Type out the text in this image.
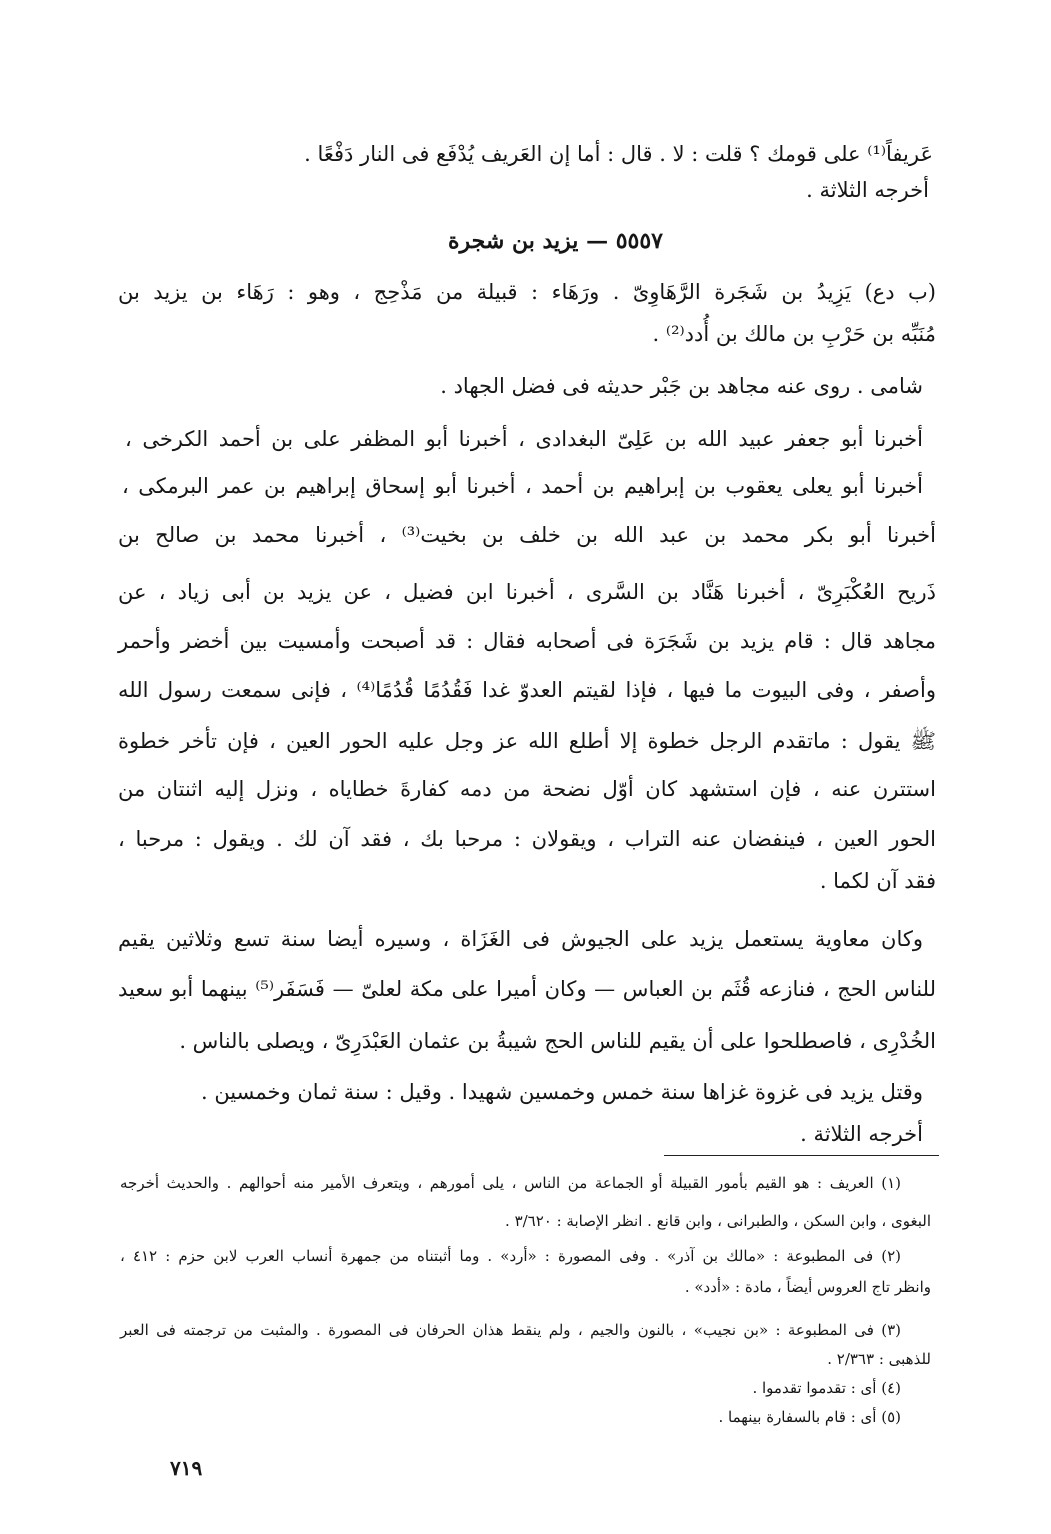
عَريفاً⁽¹⁾ على قومك ؟ قلت : لا . قال : أما إن العَريف يُدْفَع فى النار دَفْعًا .
أخرجه الثلاثة .
٥٥٥٧ — يزيد بن شجرة
(ب دع) يَزِيدُ بن شَجَرة الرَّهَاوِىّ . ورَهَاء : قبيلة من مَذْحِج ، وهو : رَهَاء بن يزيد بن
مُنَبِّه بن حَرْبِ بن مالك بن أُدد⁽²⁾ .
شامى . روى عنه مجاهد بن جَبْر حديثه فى فضل الجهاد .
أخبرنا أبو جعفر عبيد الله بن عَلِىّ البغدادى ، أخبرنا أبو المظفر على بن أحمد الكرخى ،
أخبرنا أبو يعلى يعقوب بن إبراهيم بن أحمد ، أخبرنا أبو إسحاق إبراهيم بن عمر البرمكى ،
أخبرنا أبو بكر محمد بن عبد الله بن خلف بن بخيت⁽³⁾ ، أخبرنا محمد بن صالح بن
ذَريح العُكْبَرِىّ ، أخبرنا هَنَّاد بن السَّرى ، أخبرنا ابن فضيل ، عن يزيد بن أبى زياد ، عن
مجاهد قال : قام يزيد بن شَجَرَة فى أصحابه فقال : قد أصبحت وأمسيت بين أخضر وأحمر
وأصفر ، وفى البيوت ما فيها ، فإذا لقيتم العدوّ غدا فَقُدُمًا قُدُمًا⁽⁴⁾ ، فإنى سمعت رسول الله
ﷺ يقول : ماتقدم الرجل خطوة إلا أطلع الله عز وجل عليه الحور العين ، فإن تأخر خطوة
استترن عنه ، فإن استشهد كان أوّل نضحة من دمه كفارةَ خطاياه ، ونزل إليه اثنتان من
الحور العين ، فينفضان عنه التراب ، ويقولان : مرحبا بك ، فقد آن لك . ويقول : مرحبا ،
فقد آن لكما .
وكان معاوية يستعمل يزيد على الجيوش فى الغَزَاة ، وسيره أيضا سنة تسع وثلاثين يقيم
للناس الحج ، فنازعه قُثَم بن العباس — وكان أميرا على مكة لعلىّ — فَسَفَر⁽⁵⁾ بينهما أبو سعيد
الخُدْرِى ، فاصطلحوا على أن يقيم للناس الحج شيبةُ بن عثمان العَبْدَرِىّ ، ويصلى بالناس .
وقتل يزيد فى غزوة غزاها سنة خمس وخمسين شهيدا . وقيل : سنة ثمان وخمسين .
أخرجه الثلاثة .
(١) العريف : هو القيم بأمور القبيلة أو الجماعة من الناس ، يلى أمورهم ، ويتعرف الأمير منه أحوالهم . والحديث أخرجه
البغوى ، وابن السكن ، والطبرانى ، وابن قانع . انظر الإصابة : ٣/٦٢٠ .
(٢) فى المطبوعة : «مالك بن آذر» . وفى المصورة : «أرد» . وما أثبتناه من جمهرة أنساب العرب لابن حزم : ٤١٢ ،
وانظر تاج العروس أيضاً ، مادة : «أدد» .
(٣) فى المطبوعة : «بن نجيب» ، بالنون والجيم ، ولم ينقط هذان الحرفان فى المصورة . والمثبت من ترجمته فى العبر
للذهبى : ٢/٣٦٣ .
(٤) أى : تقدموا تقدموا .
(٥) أى : قام بالسفارة بينهما .
٧١٩
